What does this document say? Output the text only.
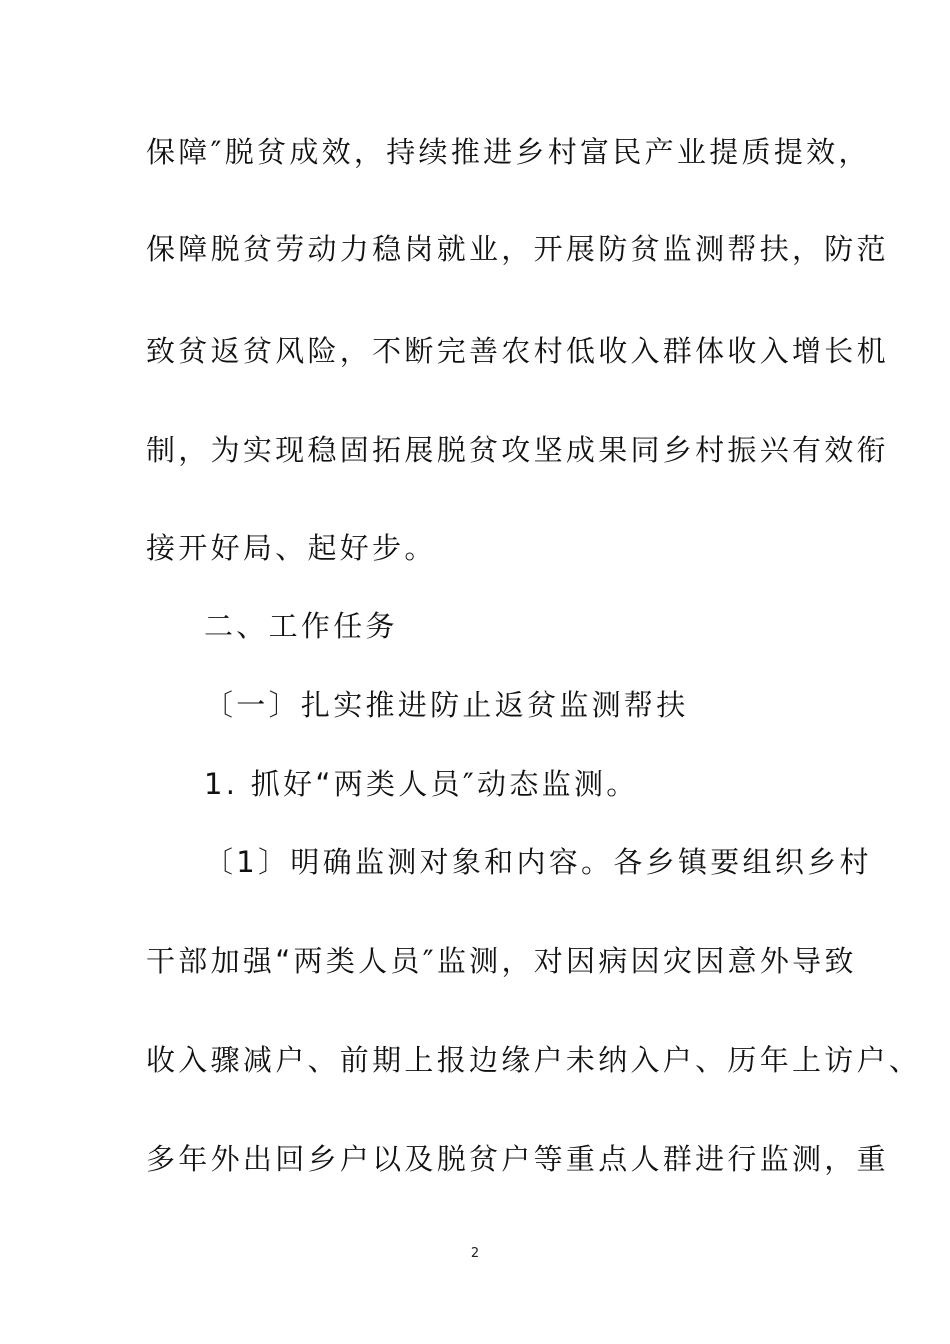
保障″脱贫成效，持续推进乡村富民产业提质提效，
保障脱贫劳动力稳岗就业，开展防贫监测帮扶，防范
致贫返贫风险，不断完善农村低收入群体收入增长机
制，为实现稳固拓展脱贫攻坚成果同乡村振兴有效衔
接开好局、起好步。
二、工作任务
〔一〕扎实推进防止返贫监测帮扶
1. 抓好“两类人员″动态监测。
〔1〕明确监测对象和内容。各乡镇要组织乡村
干部加强“两类人员″监测，对因病因灾因意外导致
收入骤减户、前期上报边缘户未纳入户、历年上访户、
多年外出回乡户以及脱贫户等重点人群进行监测，重
2
